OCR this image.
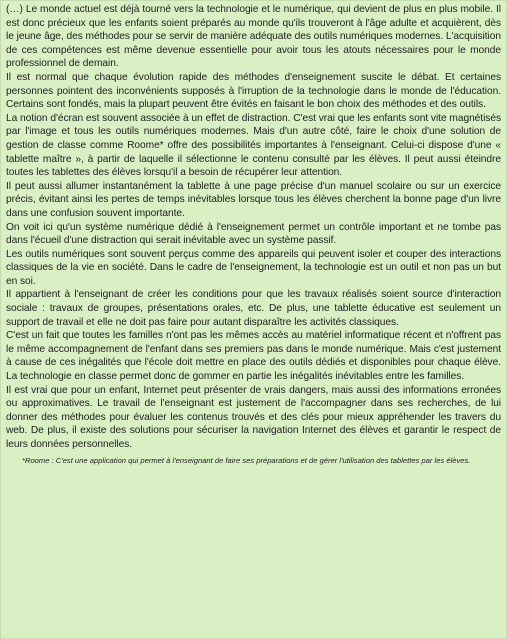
(…) Le monde actuel est déjà tourné vers la technologie et le numérique, qui devient de plus en plus mobile. Il est donc précieux que les enfants soient préparés au monde qu'ils trouveront à l'âge adulte et acquièrent, dès le jeune âge, des méthodes pour se servir de manière adéquate des outils numériques modernes. L'acquisition de ces compétences est même devenue essentielle pour avoir tous les atouts nécessaires pour le monde professionnel de demain.

Il est normal que chaque évolution rapide des méthodes d'enseignement suscite le débat. Et certaines personnes pointent des inconvénients supposés à l'irruption de la technologie dans le monde de l'éducation. Certains sont fondés, mais la plupart peuvent être évités en faisant le bon choix des méthodes et des outils.

La notion d'écran est souvent associée à un effet de distraction. C'est vrai que les enfants sont vite magnétisés par l'image et tous les outils numériques modernes. Mais d'un autre côté, faire le choix d'une solution de gestion de classe comme Roome* offre des possibilités importantes à l'enseignant. Celui-ci dispose d'une « tablette maître », à partir de laquelle il sélectionne le contenu consulté par les élèves. Il peut aussi éteindre toutes les tablettes des élèves lorsqu'il a besoin de récupérer leur attention.

Il peut aussi allumer instantanément la tablette à une page précise d'un manuel scolaire ou sur un exercice précis, évitant ainsi les pertes de temps inévitables lorsque tous les élèves cherchent la bonne page d'un livre dans une confusion souvent importante.

On voit ici qu'un système numérique dédié à l'enseignement permet un contrôle important et ne tombe pas dans l'écueil d'une distraction qui serait inévitable avec un système passif.

Les outils numériques sont souvent perçus comme des appareils qui peuvent isoler et couper des interactions classiques de la vie en société. Dans le cadre de l'enseignement, la technologie est un outil et non pas un but en soi.

Il appartient à l'enseignant de créer les conditions pour que les travaux réalisés soient source d'interaction sociale : travaux de groupes, présentations orales, etc. De plus, une tablette éducative est seulement un support de travail et elle ne doit pas faire pour autant disparaître les activités classiques.

C'est un fait que toutes les familles n'ont pas les mêmes accès au matériel informatique récent et n'offrent pas le même accompagnement de l'enfant dans ses premiers pas dans le monde numérique. Mais c'est justement à cause de ces inégalités que l'école doit mettre en place des outils dédiés et disponibles pour chaque élève. La technologie en classe permet donc de gommer en partie les inégalités inévitables entre les familles.

Il est vrai que pour un enfant, Internet peut présenter de vrais dangers, mais aussi des informations erronées ou approximatives. Le travail de l'enseignant est justement de l'accompagner dans ses recherches, de lui donner des méthodes pour évaluer les contenus trouvés et des clés pour mieux appréhender les travers du web. De plus, il existe des solutions pour sécuriser la navigation Internet des élèves et garantir le respect de leurs données personnelles.

*Roome : C'est une application qui permet à l'enseignant de faire ses préparations et de gérer l'utilisation des tablettes par les élèves.
